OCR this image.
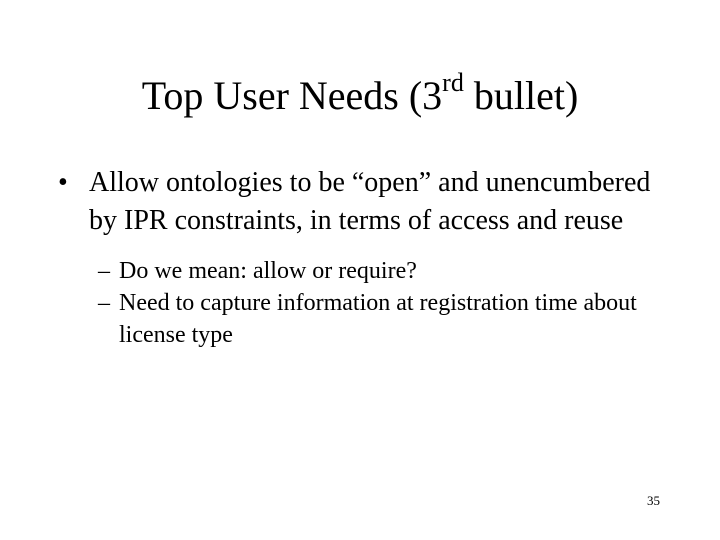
Top User Needs (3rd bullet)
• Allow ontologies to be “open” and unencumbered by IPR constraints, in terms of access and reuse
– Do we mean: allow or require?
– Need to capture information at registration time about license type
35
